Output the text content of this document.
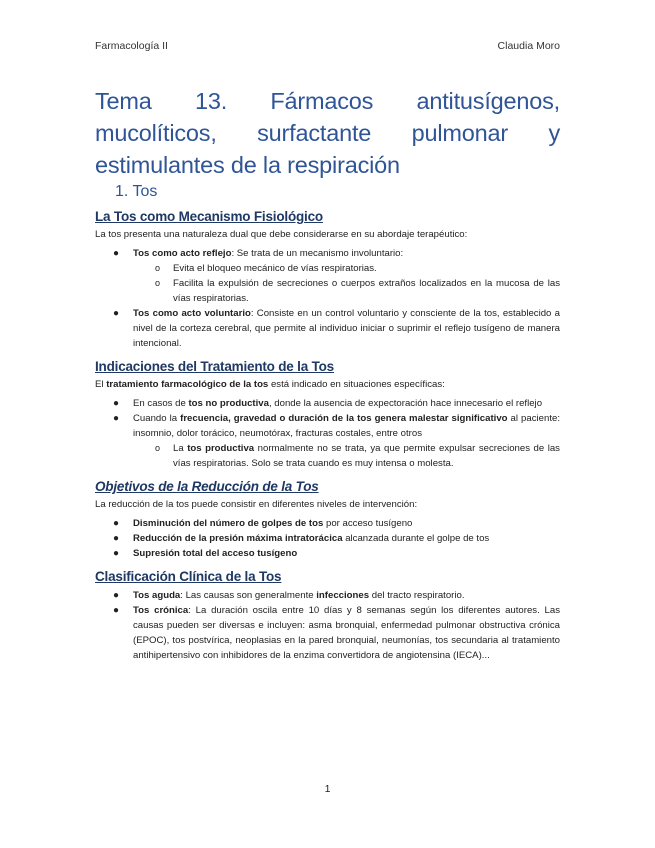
Farmacología II	Claudia Moro
Tema 13. Fármacos antitusígenos, mucolíticos, surfactante pulmonar y estimulantes de la respiración
1. Tos
La Tos como Mecanismo Fisiológico

La tos presenta una naturaleza dual que debe considerarse en su abordaje terapéutico:

● Tos como acto reflejo: Se trata de un mecanismo involuntario:
o Evita el bloqueo mecánico de vías respiratorias.
o Facilita la expulsión de secreciones o cuerpos extraños localizados en la mucosa de las vías respiratorias.
● Tos como acto voluntario: Consiste en un control voluntario y consciente de la tos, establecido a nivel de la corteza cerebral, que permite al individuo iniciar o suprimir el reflejo tusígeno de manera intencional.
Indicaciones del Tratamiento de la Tos

El tratamiento farmacológico de la tos está indicado en situaciones específicas:

● En casos de tos no productiva, donde la ausencia de expectoración hace innecesario el reflejo
● Cuando la frecuencia, gravedad o duración de la tos genera malestar significativo al paciente: insomnio, dolor torácico, neumotórax, fracturas costales, entre otros
o La tos productiva normalmente no se trata, ya que permite expulsar secreciones de las vías respiratorias. Solo se trata cuando es muy intensa o molesta.
Objetivos de la Reducción de la Tos

La reducción de la tos puede consistir en diferentes niveles de intervención:

● Disminución del número de golpes de tos por acceso tusígeno
● Reducción de la presión máxima intratorácica alcanzada durante el golpe de tos
● Supresión total del acceso tusígeno
Clasificación Clínica de la Tos
● Tos aguda: Las causas son generalmente infecciones del tracto respiratorio.
● Tos crónica: La duración oscila entre 10 días y 8 semanas según los diferentes autores. Las causas pueden ser diversas e incluyen: asma bronquial, enfermedad pulmonar obstructiva crónica (EPOC), tos postvírica, neoplasias en la pared bronquial, neumonías, tos secundaria al tratamiento antihipertensivo con inhibidores de la enzima convertidora de angiotensina (IECA)...
1
